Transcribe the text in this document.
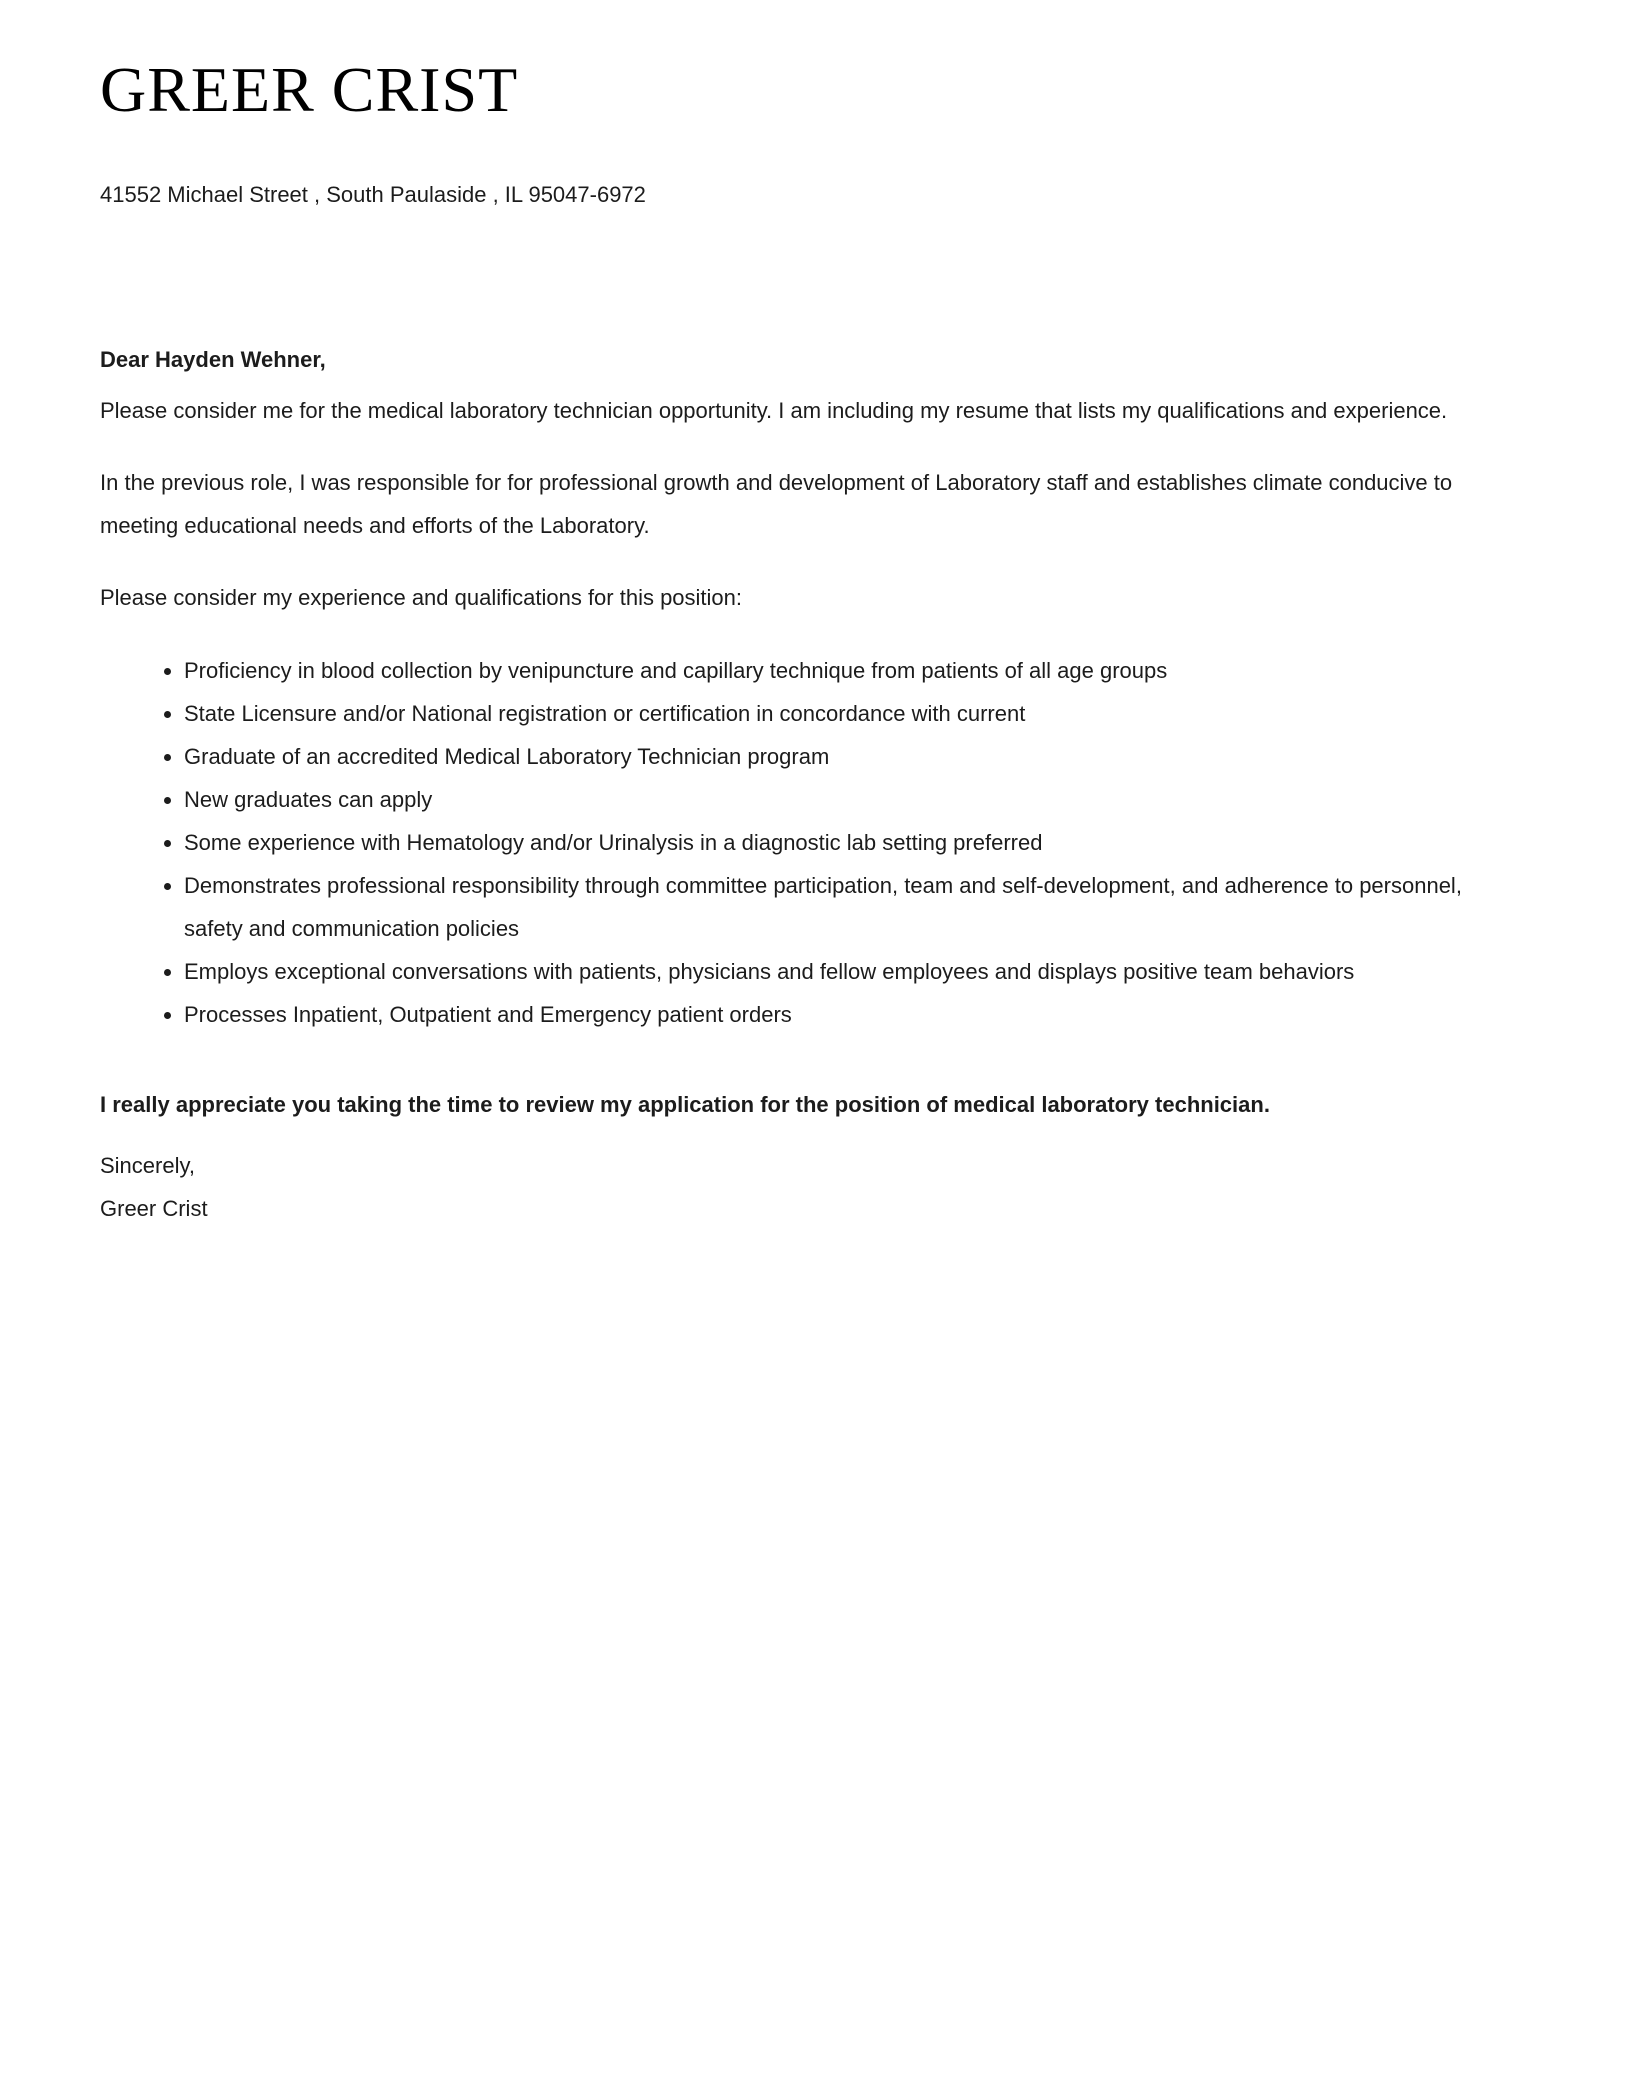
GREER CRIST

41552 Michael Street , South Paulaside , IL 95047-6972

Dear Hayden Wehner,

Please consider me for the medical laboratory technician opportunity. I am including my resume that lists my qualifications and experience.

In the previous role, I was responsible for for professional growth and development of Laboratory staff and establishes climate conducive to meeting educational needs and efforts of the Laboratory.

Please consider my experience and qualifications for this position:

• Proficiency in blood collection by venipuncture and capillary technique from patients of all age groups
• State Licensure and/or National registration or certification in concordance with current
• Graduate of an accredited Medical Laboratory Technician program
• New graduates can apply
• Some experience with Hematology and/or Urinalysis in a diagnostic lab setting preferred
• Demonstrates professional responsibility through committee participation, team and self-development, and adherence to personnel, safety and communication policies
• Employs exceptional conversations with patients, physicians and fellow employees and displays positive team behaviors
• Processes Inpatient, Outpatient and Emergency patient orders

I really appreciate you taking the time to review my application for the position of medical laboratory technician.

Sincerely,
Greer Crist
